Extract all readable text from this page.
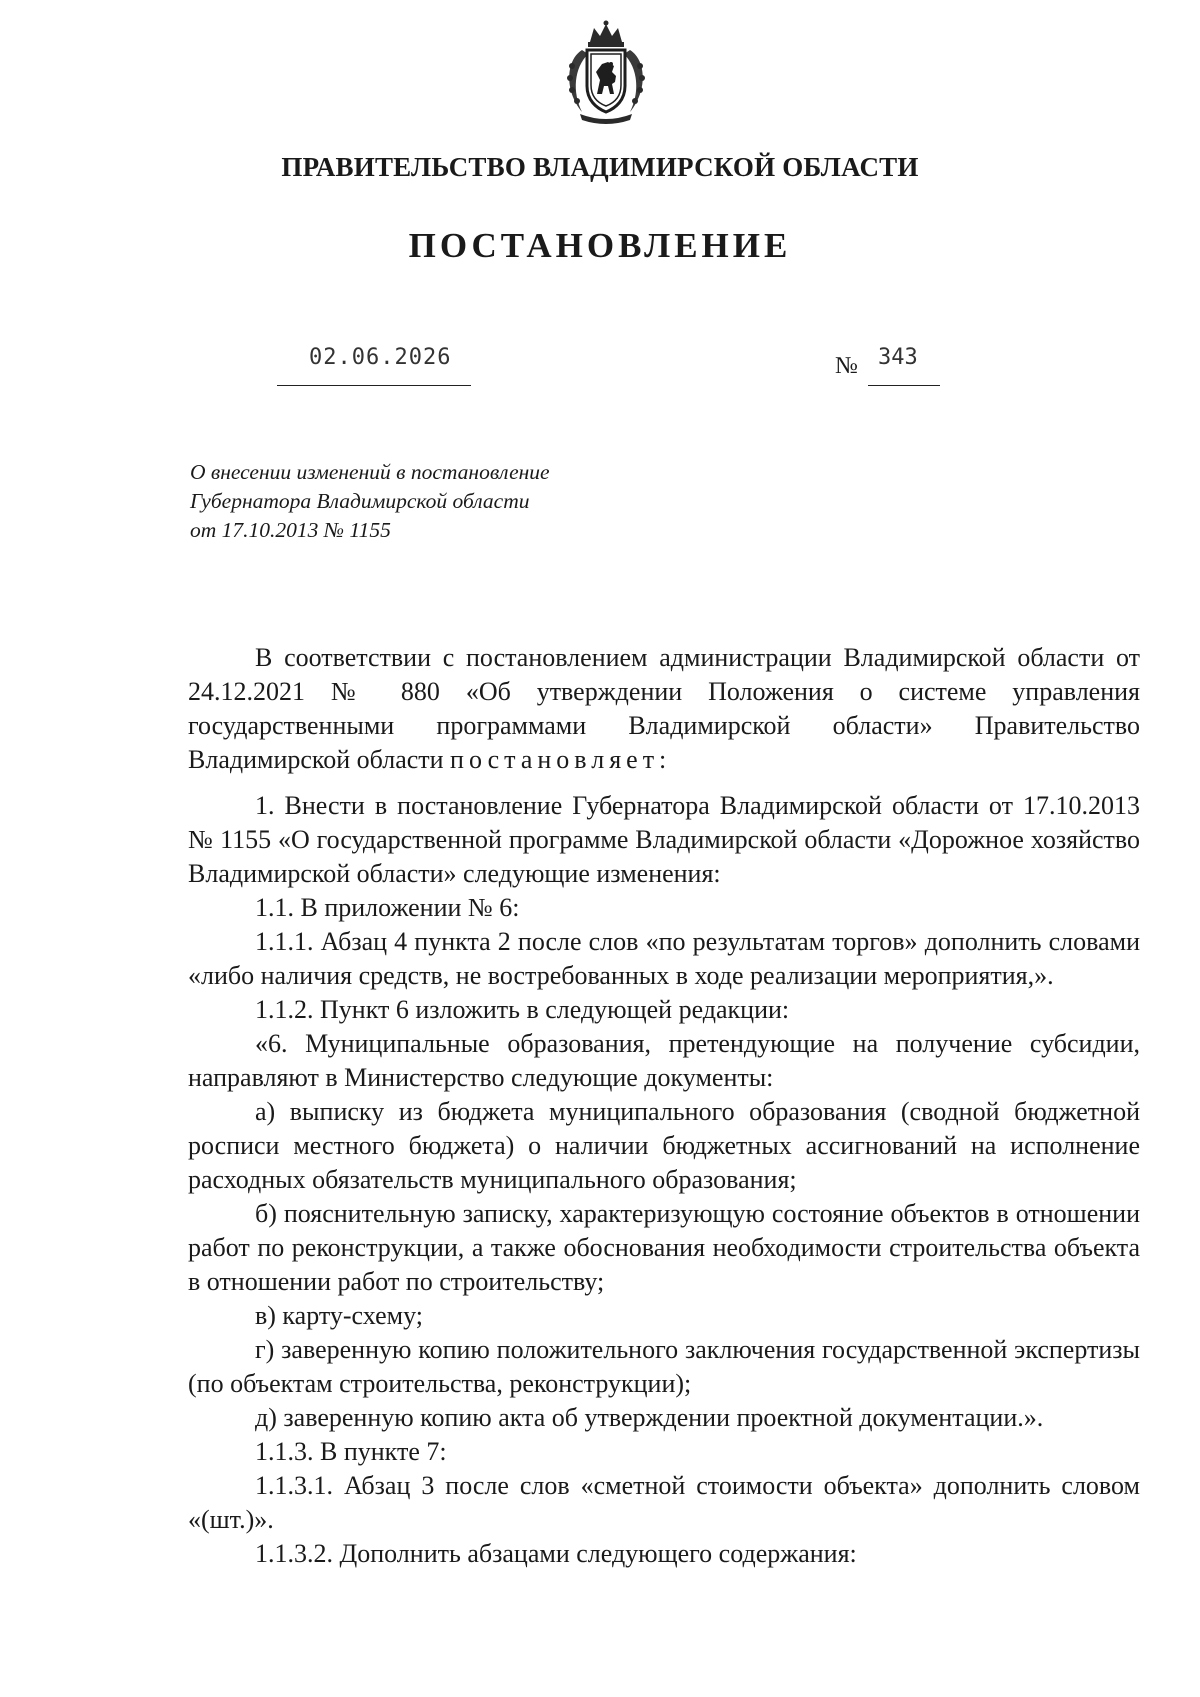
ПРАВИТЕЛЬСТВО ВЛАДИМИРСКОЙ ОБЛАСТИ
ПОСТАНОВЛЕНИЕ
02.06.2026	№ 343
О внесении изменений в постановление
Губернатора Владимирской области
от 17.10.2013 № 1155

В соответствии с постановлением администрации Владимирской области от 24.12.2021 № 880 «Об утверждении Положения о системе управления государственными программами Владимирской области» Правительство Владимирской области постановляет:

1. Внести в постановление Губернатора Владимирской области от 17.10.2013 № 1155 «О государственной программе Владимирской области «Дорожное хозяйство Владимирской области» следующие изменения:

1.1. В приложении № 6:

1.1.1. Абзац 4 пункта 2 после слов «по результатам торгов» дополнить словами «либо наличия средств, не востребованных в ходе реализации мероприятия,».

1.1.2. Пункт 6 изложить в следующей редакции:

«6. Муниципальные образования, претендующие на получение субсидии, направляют в Министерство следующие документы:

а) выписку из бюджета муниципального образования (сводной бюджетной росписи местного бюджета) о наличии бюджетных ассигнований на исполнение расходных обязательств муниципального образования;

б) пояснительную записку, характеризующую состояние объектов в отношении работ по реконструкции, а также обоснования необходимости строительства объекта в отношении работ по строительству;

в) карту-схему;

г) заверенную копию положительного заключения государственной экспертизы (по объектам строительства, реконструкции);

д) заверенную копию акта об утверждении проектной документации.».

1.1.3. В пункте 7:

1.1.3.1. Абзац 3 после слов «сметной стоимости объекта» дополнить словом «(шт.)».

1.1.3.2. Дополнить абзацами следующего содержания:
